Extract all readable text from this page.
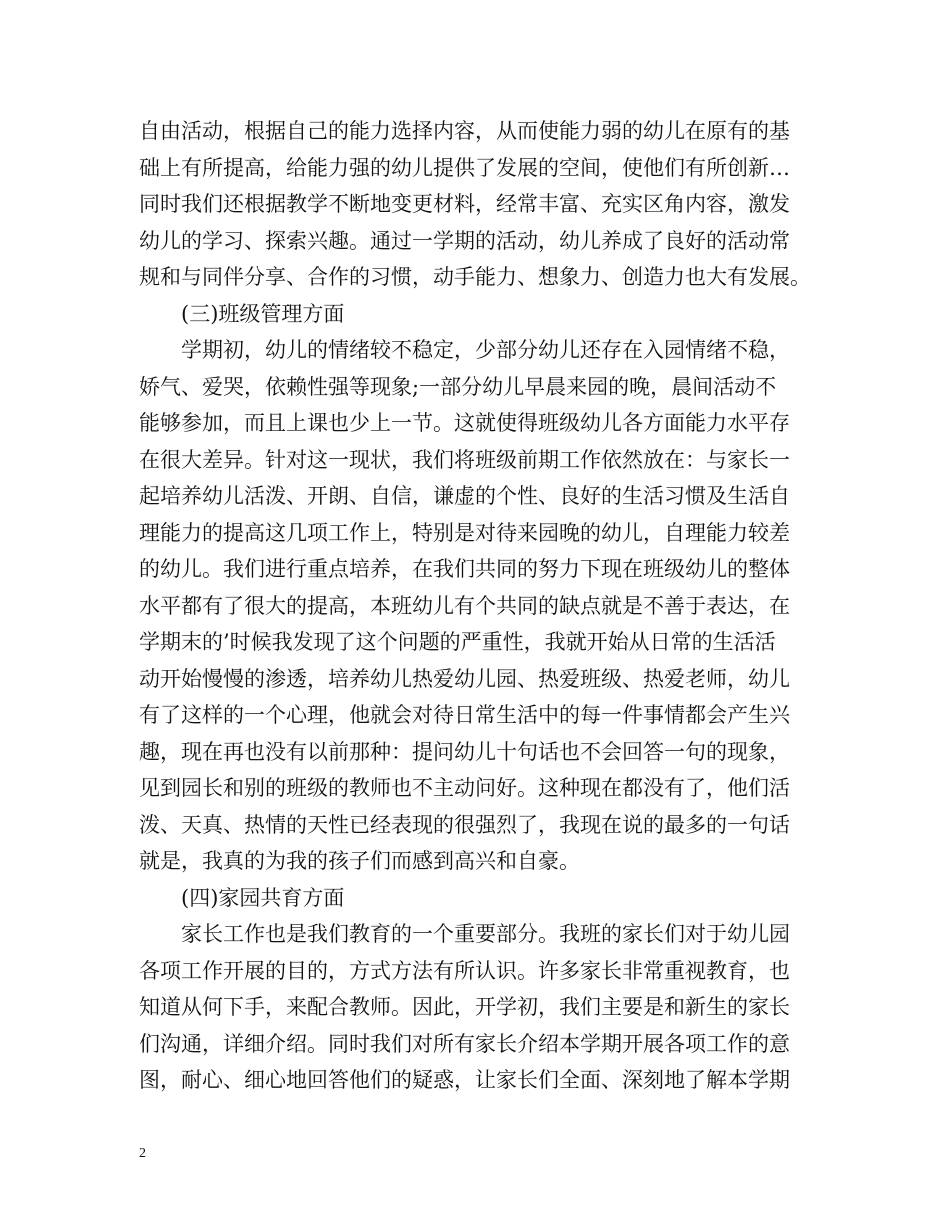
自由活动，根据自己的能力选择内容，从而使能力弱的幼儿在原有的基
础上有所提高，给能力强的幼儿提供了发展的空间，使他们有所创新…
同时我们还根据教学不断地变更材料，经常丰富、充实区角内容，激发
幼儿的学习、探索兴趣。通过一学期的活动，幼儿养成了良好的活动常
规和与同伴分享、合作的习惯，动手能力、想象力、创造力也大有发展。
　　(三)班级管理方面
　　学期初，幼儿的情绪较不稳定，少部分幼儿还存在入园情绪不稳，
娇气、爱哭，依赖性强等现象;一部分幼儿早晨来园的晚，晨间活动不
能够参加，而且上课也少上一节。这就使得班级幼儿各方面能力水平存
在很大差异。针对这一现状，我们将班级前期工作依然放在：与家长一
起培养幼儿活泼、开朗、自信，谦虚的个性、良好的生活习惯及生活自
理能力的提高这几项工作上，特别是对待来园晚的幼儿，自理能力较差
的幼儿。我们进行重点培养，在我们共同的努力下现在班级幼儿的整体
水平都有了很大的提高，本班幼儿有个共同的缺点就是不善于表达，在
学期末的’时候我发现了这个问题的严重性，我就开始从日常的生活活
动开始慢慢的渗透，培养幼儿热爱幼儿园、热爱班级、热爱老师，幼儿
有了这样的一个心理，他就会对待日常生活中的每一件事情都会产生兴
趣，现在再也没有以前那种：提问幼儿十句话也不会回答一句的现象，
见到园长和别的班级的教师也不主动问好。这种现在都没有了，他们活
泼、天真、热情的天性已经表现的很强烈了，我现在说的最多的一句话
就是，我真的为我的孩子们而感到高兴和自豪。
　　(四)家园共育方面
　　家长工作也是我们教育的一个重要部分。我班的家长们对于幼儿园
各项工作开展的目的，方式方法有所认识。许多家长非常重视教育，也
知道从何下手，来配合教师。因此，开学初，我们主要是和新生的家长
们沟通，详细介绍。同时我们对所有家长介绍本学期开展各项工作的意
图，耐心、细心地回答他们的疑惑，让家长们全面、深刻地了解本学期
2
